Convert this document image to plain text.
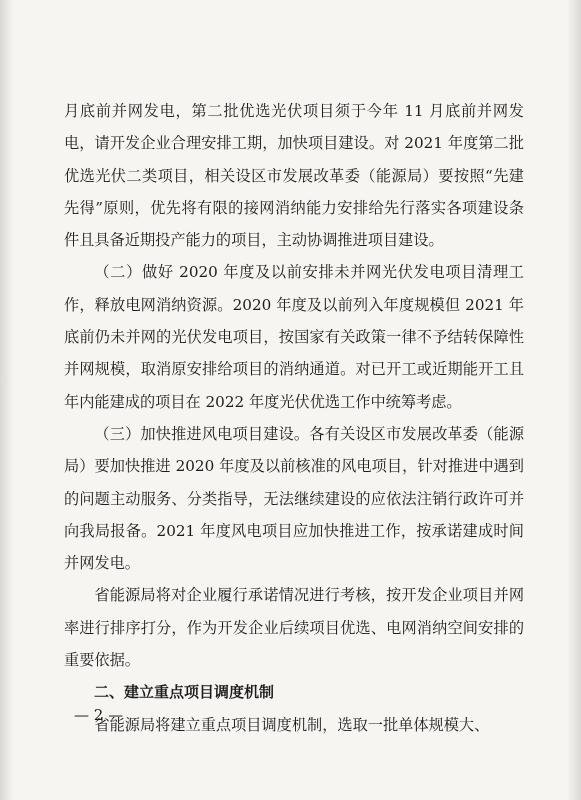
月底前并网发电，第二批优选光伏项目须于今年 11 月底前并网发电，请开发企业合理安排工期，加快项目建设。对 2021 年度第二批优选光伏二类项目，相关设区市发展改革委（能源局）要按照“先建先得”原则，优先将有限的接网消纳能力安排给先行落实各项建设条件且具备近期投产能力的项目，主动协调推进项目建设。

（二）做好 2020 年度及以前安排未并网光伏发电项目清理工作，释放电网消纳资源。2020 年度及以前列入年度规模但 2021 年底前仍未并网的光伏发电项目，按国家有关政策一律不予结转保障性并网规模，取消原安排给项目的消纳通道。对已开工或近期能开工且年内能建成的项目在 2022 年度光伏优选工作中统筹考虑。

（三）加快推进风电项目建设。各有关设区市发展改革委（能源局）要加快推进 2020 年度及以前核准的风电项目，针对推进中遇到的问题主动服务、分类指导，无法继续建设的应依法注销行政许可并向我局报备。2021 年度风电项目应加快推进工作，按承诺建成时间并网发电。

省能源局将对企业履行承诺情况进行考核，按开发企业项目并网率进行排序打分，作为开发企业后续项目优选、电网消纳空间安排的重要依据。

二、建立重点项目调度机制

省能源局将建立重点项目调度机制，选取一批单体规模大、

— 2 —
